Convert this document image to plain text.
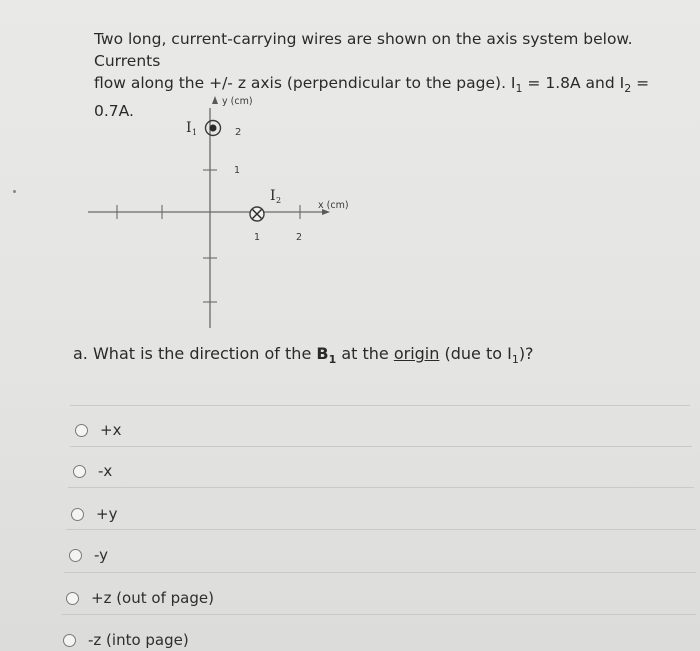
Two long, current-carrying wires are shown on the axis system below. Currents

flow along the +/- z axis (perpendicular to the page). $I_1 = 1.8A$ and $I_2 = 0.7A$.

y (cm)
x (cm)
2
1
1	2
I 1
I 2
a. What is the direction of the $B_1$ at the origin (due to $I_1$)?
+x
-x
+y
-y
+z (out of page)
-z (into page)
